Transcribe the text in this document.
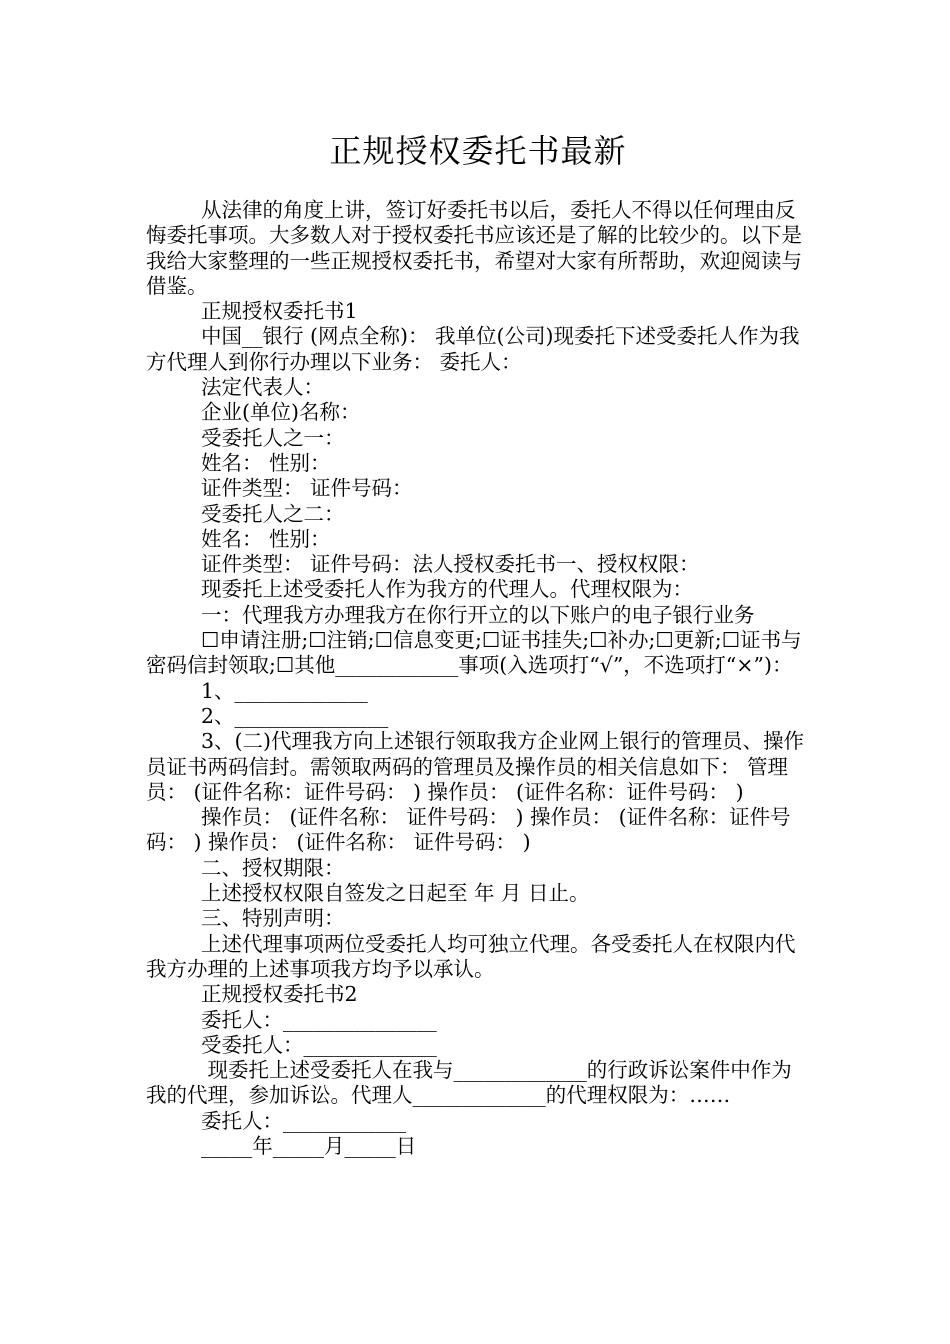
正规授权委托书最新

从法律的角度上讲，签订好委托书以后，委托人不得以任何理由反悔委托事项。大多数人对于授权委托书应该还是了解的比较少的。以下是我给大家整理的一些正规授权委托书，希望对大家有所帮助，欢迎阅读与借鉴。

正规授权委托书1

中国__银行 (网点全称)： 我单位(公司)现委托下述受委托人作为我方代理人到你行办理以下业务： 委托人：

法定代表人：

企业(单位)名称：

受委托人之一：

姓名： 性别：

证件类型： 证件号码：

受委托人之二：

姓名： 性别：

证件类型： 证件号码：法人授权委托书一、授权权限：

现委托上述受委托人作为我方的代理人。代理权限为：

一：代理我方办理我方在你行开立的以下账户的电子银行业务

☐申请注册;☐注销;☐信息变更;☐证书挂失;☐补办;☐更新;☐证书与密码信封领取;☐其他____________事项(入选项打“√”，不选项打“×”)：

1、_____________

2、_______________

3、(二)代理我方向上述银行领取我方企业网上银行的管理员、操作员证书两码信封。需领取两码的管理员及操作员的相关信息如下： 管理员： (证件名称：证件号码： ) 操作员： (证件名称：证件号码： )

操作员： (证件名称： 证件号码： ) 操作员： (证件名称：证件号码： ) 操作员： (证件名称： 证件号码： )

二、授权期限：

上述授权权限自签发之日起至 年 月 日止。

三、特别声明：

上述代理事项两位受委托人均可独立代理。各受委托人在权限内代我方办理的上述事项我方均予以承认。

正规授权委托书2

委托人：_______________

受委托人：_____________

现委托上述受委托人在我与_____________的行政诉讼案件中作为我的代理，参加诉讼。代理人_____________的代理权限为：……

委托人：____________

_____年_____月_____日
